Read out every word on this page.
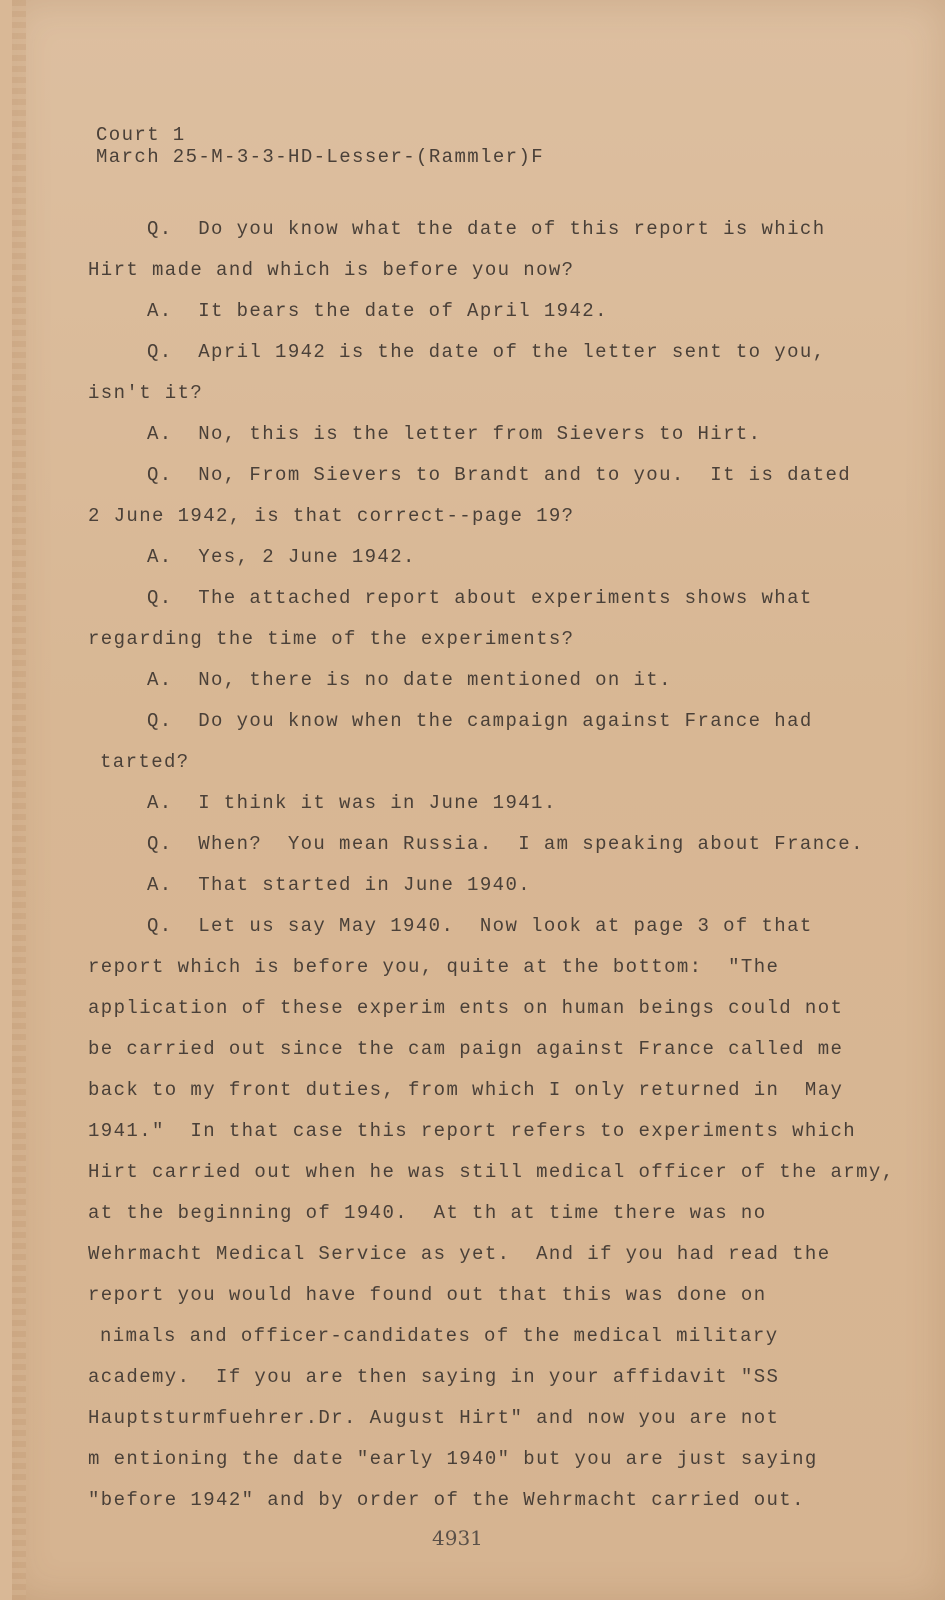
Court 1
March 25-M-3-3-HD-Lesser-(Rammler)F
Q.  Do you know what the date of this report is which
Hirt made and which is before you now?
A.  It bears the date of April 1942.
Q.  April 1942 is the date of the letter sent to you,
isn't it?
A.  No, this is the letter from Sievers to Hirt.
Q.  No, From Sievers to Brandt and to you.  It is dated
2 June 1942, is that correct--page 19?
A.  Yes, 2 June 1942.
Q.  The attached report about experiments shows what
regarding the time of the experiments?
A.  No, there is no date mentioned on it.
Q.  Do you know when the campaign against France had
tarted?
A.  I think it was in June 1941.
Q.  When?  You mean Russia.  I am speaking about France.
A.  That started in June 1940.
Q.  Let us say May 1940.  Now look at page 3 of that
report which is before you, quite at the bottom:  "The
application of these experim ents on human beings could not
be carried out since the cam paign against France called me
back to my front duties, from which I only returned in  May
1941."  In that case this report refers to experiments which
Hirt carried out when he was still medical officer of the army,
at the beginning of 1940.  At th at time there was no
Wehrmacht Medical Service as yet.  And if you had read the
report you would have found out that this was done on
nimals and officer-candidates of the medical military
academy.  If you are then saying in your affidavit "SS
Hauptsturmfuehrer.Dr. August Hirt" and now you are not
m entioning the date "early 1940" but you are just saying
"before 1942" and by order of the Wehrmacht carried out.
4931
